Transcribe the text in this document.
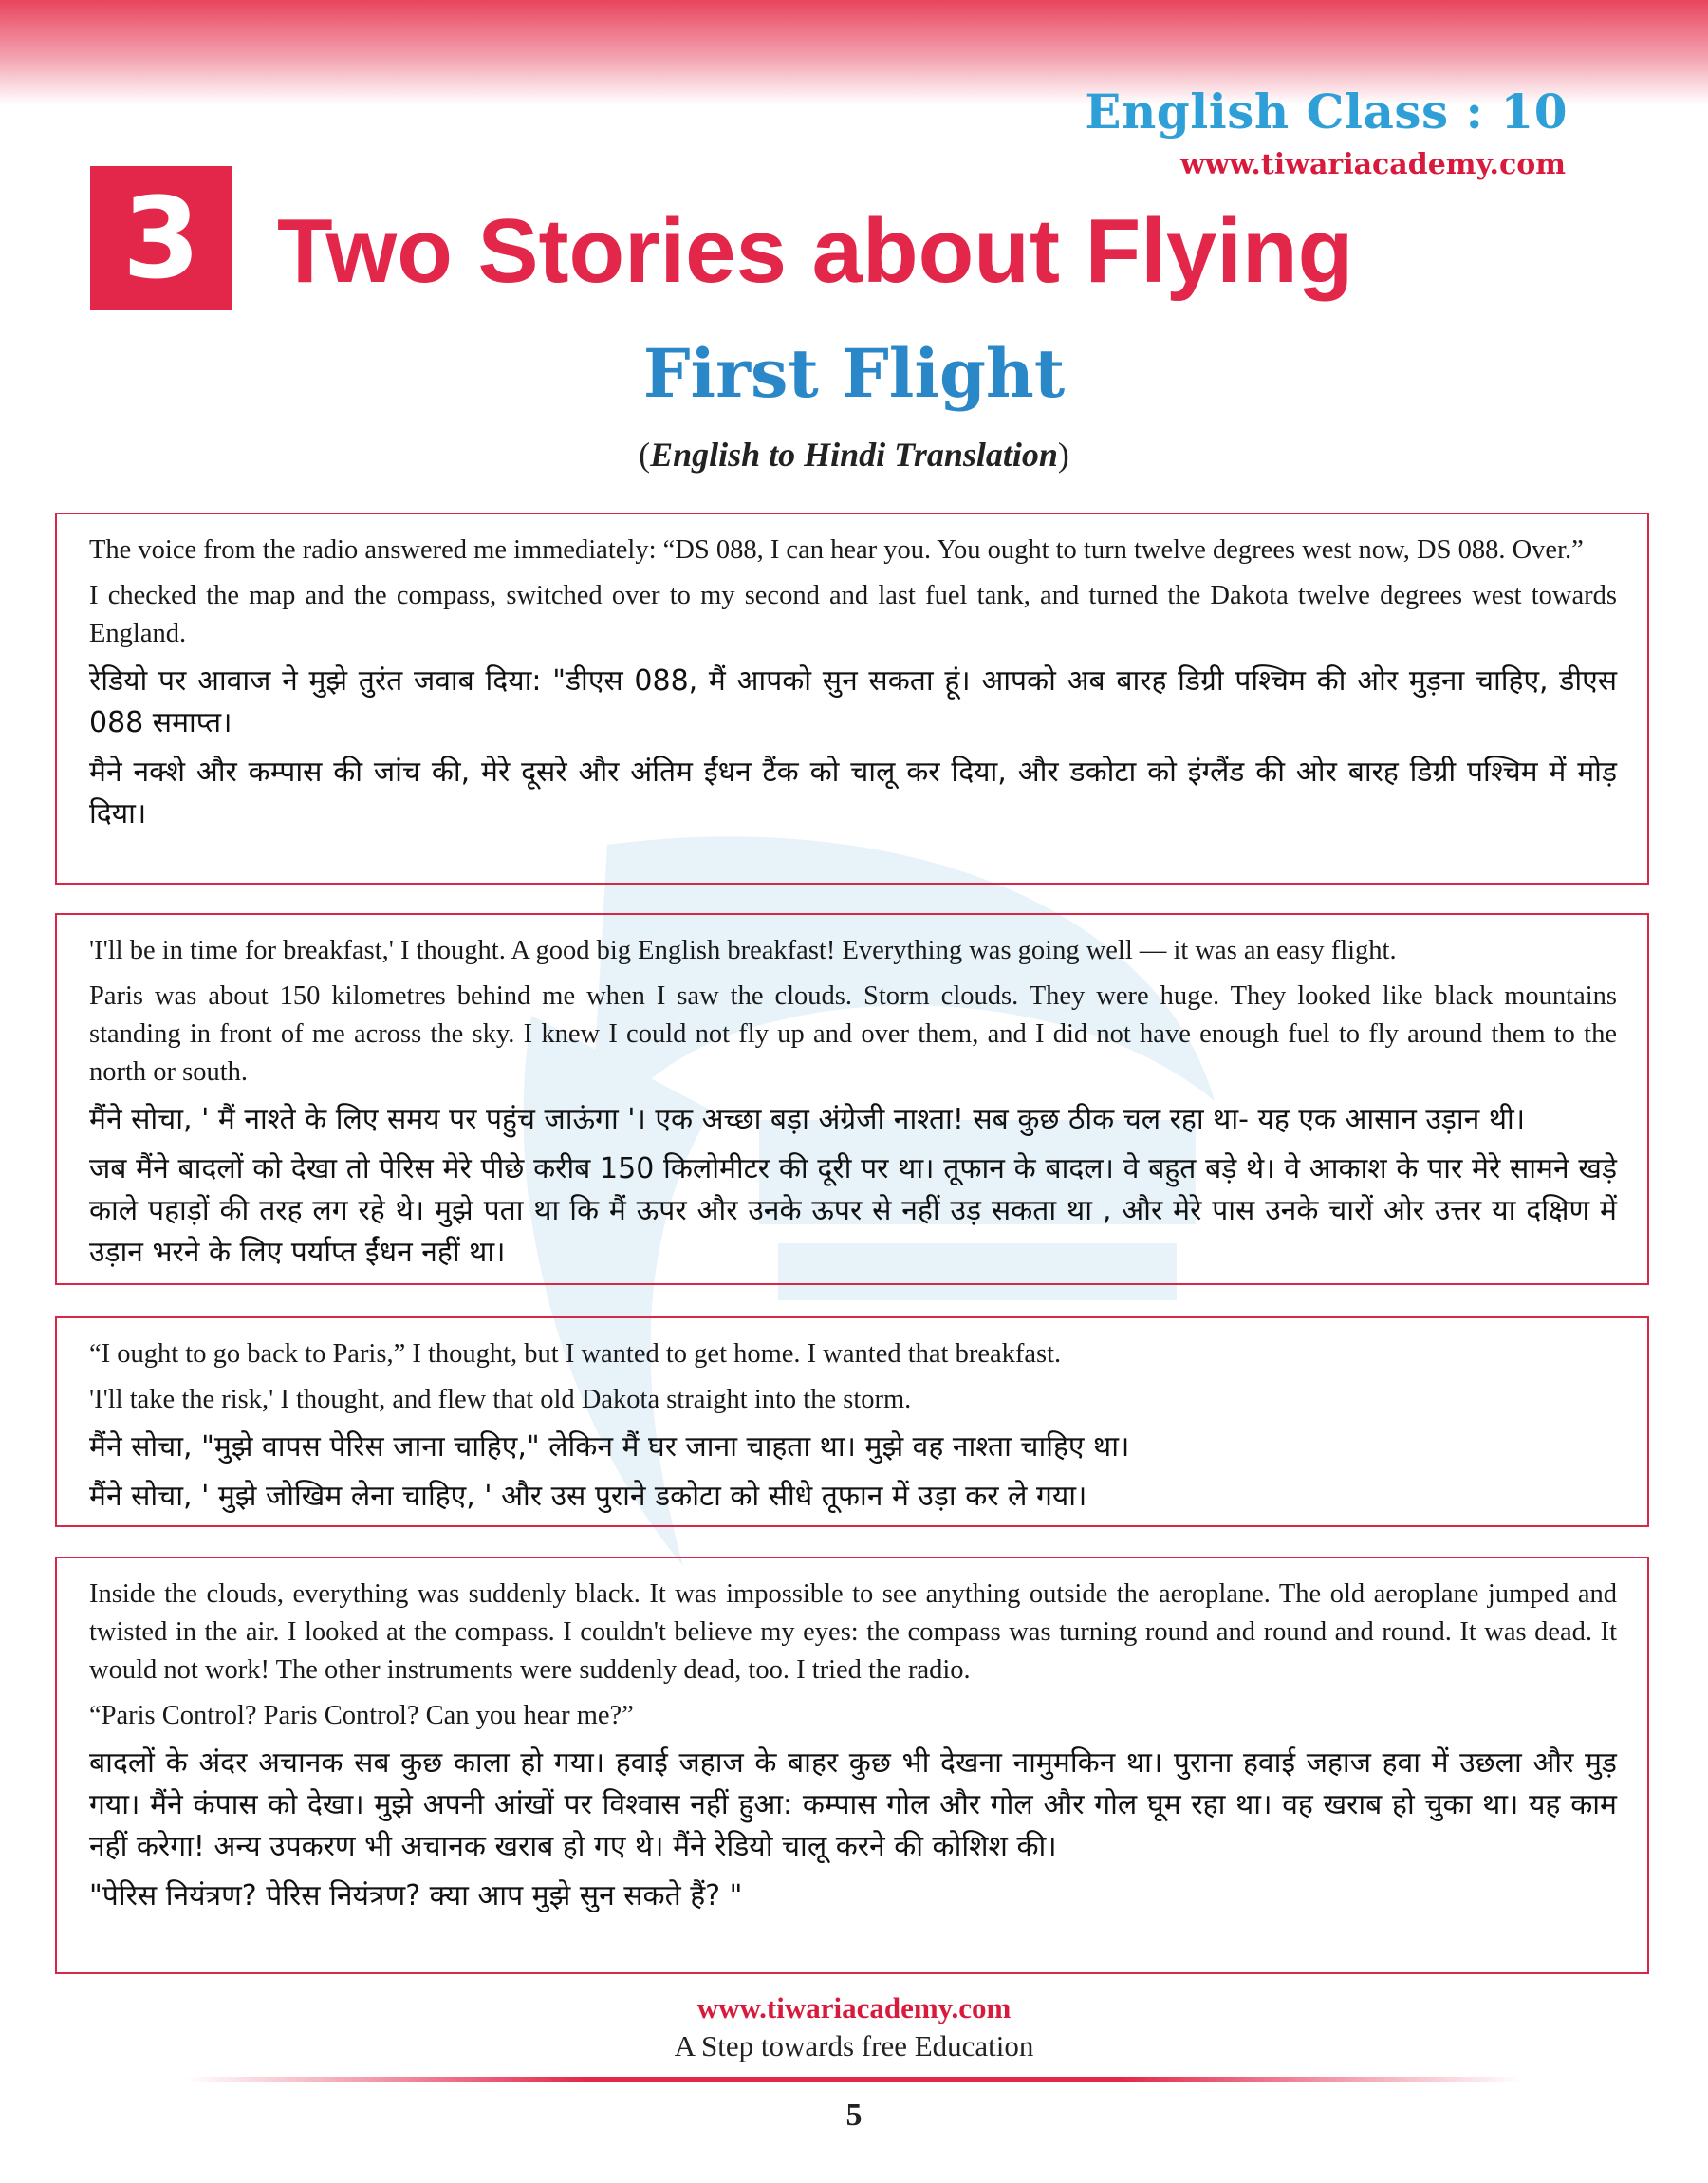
English Class : 10
www.tiwariacademy.com
3 Two Stories about Flying
First Flight
(English to Hindi Translation)

The voice from the radio answered me immediately: “DS 088, I can hear you. You ought to turn twelve degrees west now, DS 088. Over.”

I checked the map and the compass, switched over to my second and last fuel tank, and turned the Dakota twelve degrees west towards England.

रेडियो पर आवाज ने मुझे तुरंत जवाब दिया: "डीएस 088, मैं आपको सुन सकता हूं। आपको अब बारह डिग्री पश्चिम की ओर मुड़ना चाहिए, डीएस 088 समाप्त।

मैने नक्शे और कम्पास की जांच की, मेरे दूसरे और अंतिम ईंधन टैंक को चालू कर दिया, और डकोटा को इंग्लैंड की ओर बारह डिग्री पश्चिम में मोड़ दिया।

'I'll be in time for breakfast,' I thought. A good big English breakfast! Everything was going well — it was an easy flight.

Paris was about 150 kilometres behind me when I saw the clouds. Storm clouds. They were huge. They looked like black mountains standing in front of me across the sky. I knew I could not fly up and over them, and I did not have enough fuel to fly around them to the north or south.

मैंने सोचा, ' मैं नाश्ते के लिए समय पर पहुंच जाऊंगा '। एक अच्छा बड़ा अंग्रेजी नाश्ता! सब कुछ ठीक चल रहा था- यह एक आसान उड़ान थी।

जब मैंने बादलों को देखा तो पेरिस मेरे पीछे करीब 150 किलोमीटर की दूरी पर था। तूफान के बादल। वे बहुत बड़े थे। वे आकाश के पार मेरे सामने खड़े काले पहाड़ों की तरह लग रहे थे। मुझे पता था कि मैं ऊपर और उनके ऊपर से नहीं उड़ सकता था , और मेरे पास उनके चारों ओर उत्तर या दक्षिण में उड़ान भरने के लिए पर्याप्त ईंधन नहीं था।

“I ought to go back to Paris,” I thought, but I wanted to get home. I wanted that breakfast.

'I'll take the risk,' I thought, and flew that old Dakota straight into the storm.

मैंने सोचा, "मुझे वापस पेरिस जाना चाहिए," लेकिन मैं घर जाना चाहता था। मुझे वह नाश्ता चाहिए था।

मैंने सोचा, ' मुझे जोखिम लेना चाहिए, ' और उस पुराने डकोटा को सीधे तूफान में उड़ा कर ले गया।

Inside the clouds, everything was suddenly black. It was impossible to see anything outside the aeroplane. The old aeroplane jumped and twisted in the air. I looked at the compass. I couldn't believe my eyes: the compass was turning round and round and round. It was dead. It would not work! The other instruments were suddenly dead, too. I tried the radio.

“Paris Control? Paris Control? Can you hear me?”

बादलों के अंदर अचानक सब कुछ काला हो गया। हवाई जहाज के बाहर कुछ भी देखना नामुमकिन था। पुराना हवाई जहाज हवा में उछला और मुड़ गया। मैंने कंपास को देखा। मुझे अपनी आंखों पर विश्वास नहीं हुआ: कम्पास गोल और गोल और गोल घूम रहा था। वह खराब हो चुका था। यह काम नहीं करेगा! अन्य उपकरण भी अचानक खराब हो गए थे। मैंने रेडियो चालू करने की कोशिश की।

"पेरिस नियंत्रण? पेरिस नियंत्रण? क्या आप मुझे सुन सकते हैं? "

www.tiwariacademy.com
A Step towards free Education
5
